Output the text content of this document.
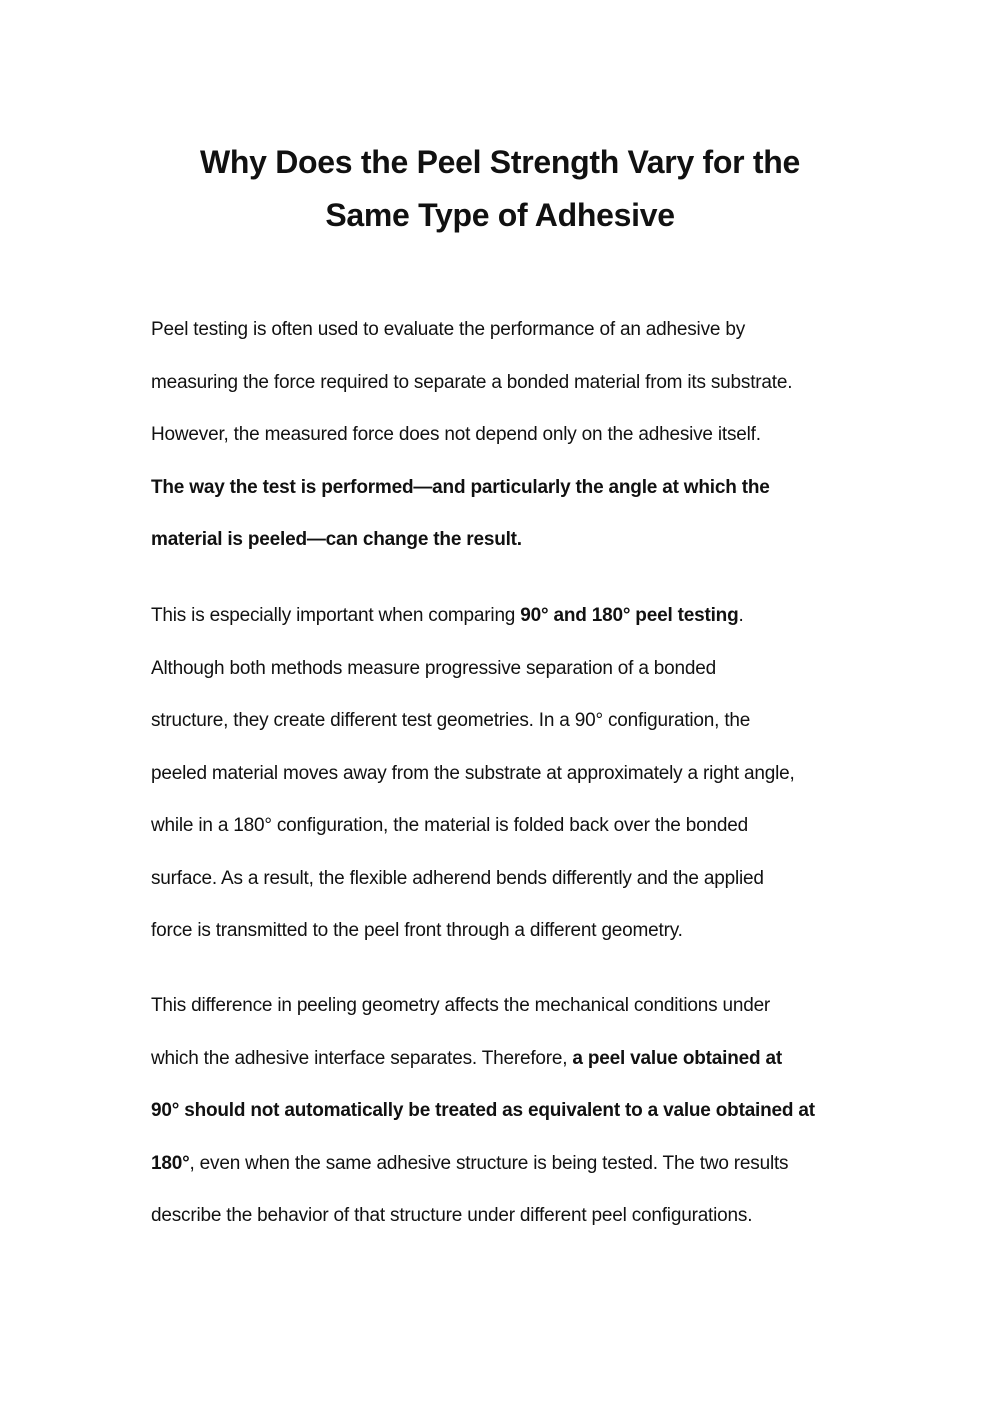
Why Does the Peel Strength Vary for the
Same Type of Adhesive
Peel testing is often used to evaluate the performance of an adhesive by
measuring the force required to separate a bonded material from its substrate.
However, the measured force does not depend only on the adhesive itself.
The way the test is performed—and particularly the angle at which the
material is peeled—can change the result.
This is especially important when comparing 90° and 180° peel testing.
Although both methods measure progressive separation of a bonded
structure, they create different test geometries. In a 90° configuration, the
peeled material moves away from the substrate at approximately a right angle,
while in a 180° configuration, the material is folded back over the bonded
surface. As a result, the flexible adherend bends differently and the applied
force is transmitted to the peel front through a different geometry.
This difference in peeling geometry affects the mechanical conditions under
which the adhesive interface separates. Therefore, a peel value obtained at
90° should not automatically be treated as equivalent to a value obtained at
180°, even when the same adhesive structure is being tested. The two results
describe the behavior of that structure under different peel configurations.
